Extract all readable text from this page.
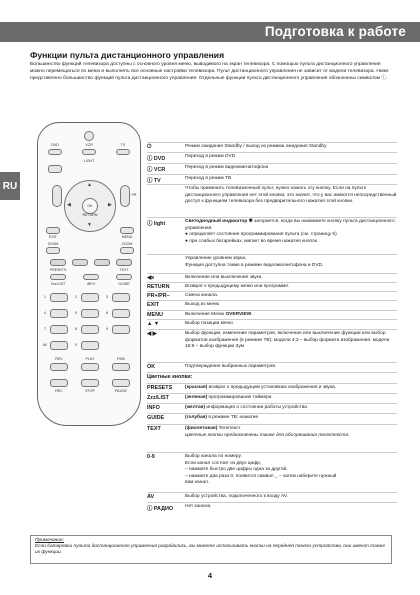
Подготовка к работе
RU
Функции пульта дистанционного управления
Большинство функций телевизора доступны с основного уровня меню, выводимого на экран телевизора. С помощью пульта дистанционного управления можно перемещаться по меню и выполнять все основные настройки телевизора. Пульт дистанционного управления не зависит от модели телевизора. Ниже представлено большинство функций пульта дистанционного управления. Отдельные функции пульта дистанционного управления обозначены символом ⓘ.
DVD	VCR	TV
LIGHT
PR
OK
▲
▼
◀	▶
RETURN
EXIT	MENU
ZOOM	ZOOM
PRESETS	TEXT
Zzz/LIST	INFO	GUIDE
1	2	3
4	5	6
7	8	9
0
AV
REV	PLAY	FWD
REC	STOP	PAUSE
⏻	Режим ожидания Standby / выход из режима ожидания Standby
ⓘ DVD	Переход в режим DVD
ⓘ VCR	Переход в режим видеомагнитофона
ⓘ TV	Переход в режим ТВ
Чтобы применить телевизионный пульт, нужно нажать эту кнопку. Если на пульте дистанционного управления нет этой кнопки, это значит, что у вас имеются непосредственный доступ к функциям телевизора без предварительного нажатия этой кнопки.
ⓘ light	Светодиодный индикатор ✱ загорается, когда вы нажимаете кнопку пульта дистанционного управления.
● определяет состояние программирования пульта (см. страницу 5)
● при слабых батарейках, мигает во время нажатия кнопок.
Управление уровнем звука.
Функция доступна также в режиме видеомагнитофона и DVD.
◀x	Включение или выключение звука.
RETURN	Возврат к предыдущему меню или программе.
PR+/PR–	Смена канала.
EXIT	Выход из меню
MENU	Включение Меню OVERVIEW.
▲ ▼	Выбор позиции меню
◀ ▶	Выбор функции, изменение параметров, включение или выключение функции или выбор форматов изображения (в режиме ТВ); модели 4:3 – выбор формата изображения, модели 16:9 – выбор функции Зум
OK	Подтверждение выбранных параметров.
Цветные кнопки:
PRESETS	(красная) возврат к предыдущим установкам изображения и звука.
Zzz/LIST	(зеленая) программирование таймера
INFO	(желтая) информация о состоянии работы устройства
GUIDE	(голубая) в режиме ТВ: нажатие
TEXT	(фиолетовая) Телетекст
Цветные кнопки предназначены также для обслуживания телетекста.
0-9	Выбор канала по номеру.
Если канал состоит из двух цифр,
– нажмите быстро две цифры одна за другой,
– нажмите два раза 0, появится символ _ – затем наберите нужный
вам канал.
AV	Выбор устройства, подключенного к входу AV.
ⓘ РАДИО	Нет канала.
Примечание:
Если батарейки пульта дистанционного управления разрядились, вы можете использовать кнопки на передней панели устройства, они имеют также их функции.
4
